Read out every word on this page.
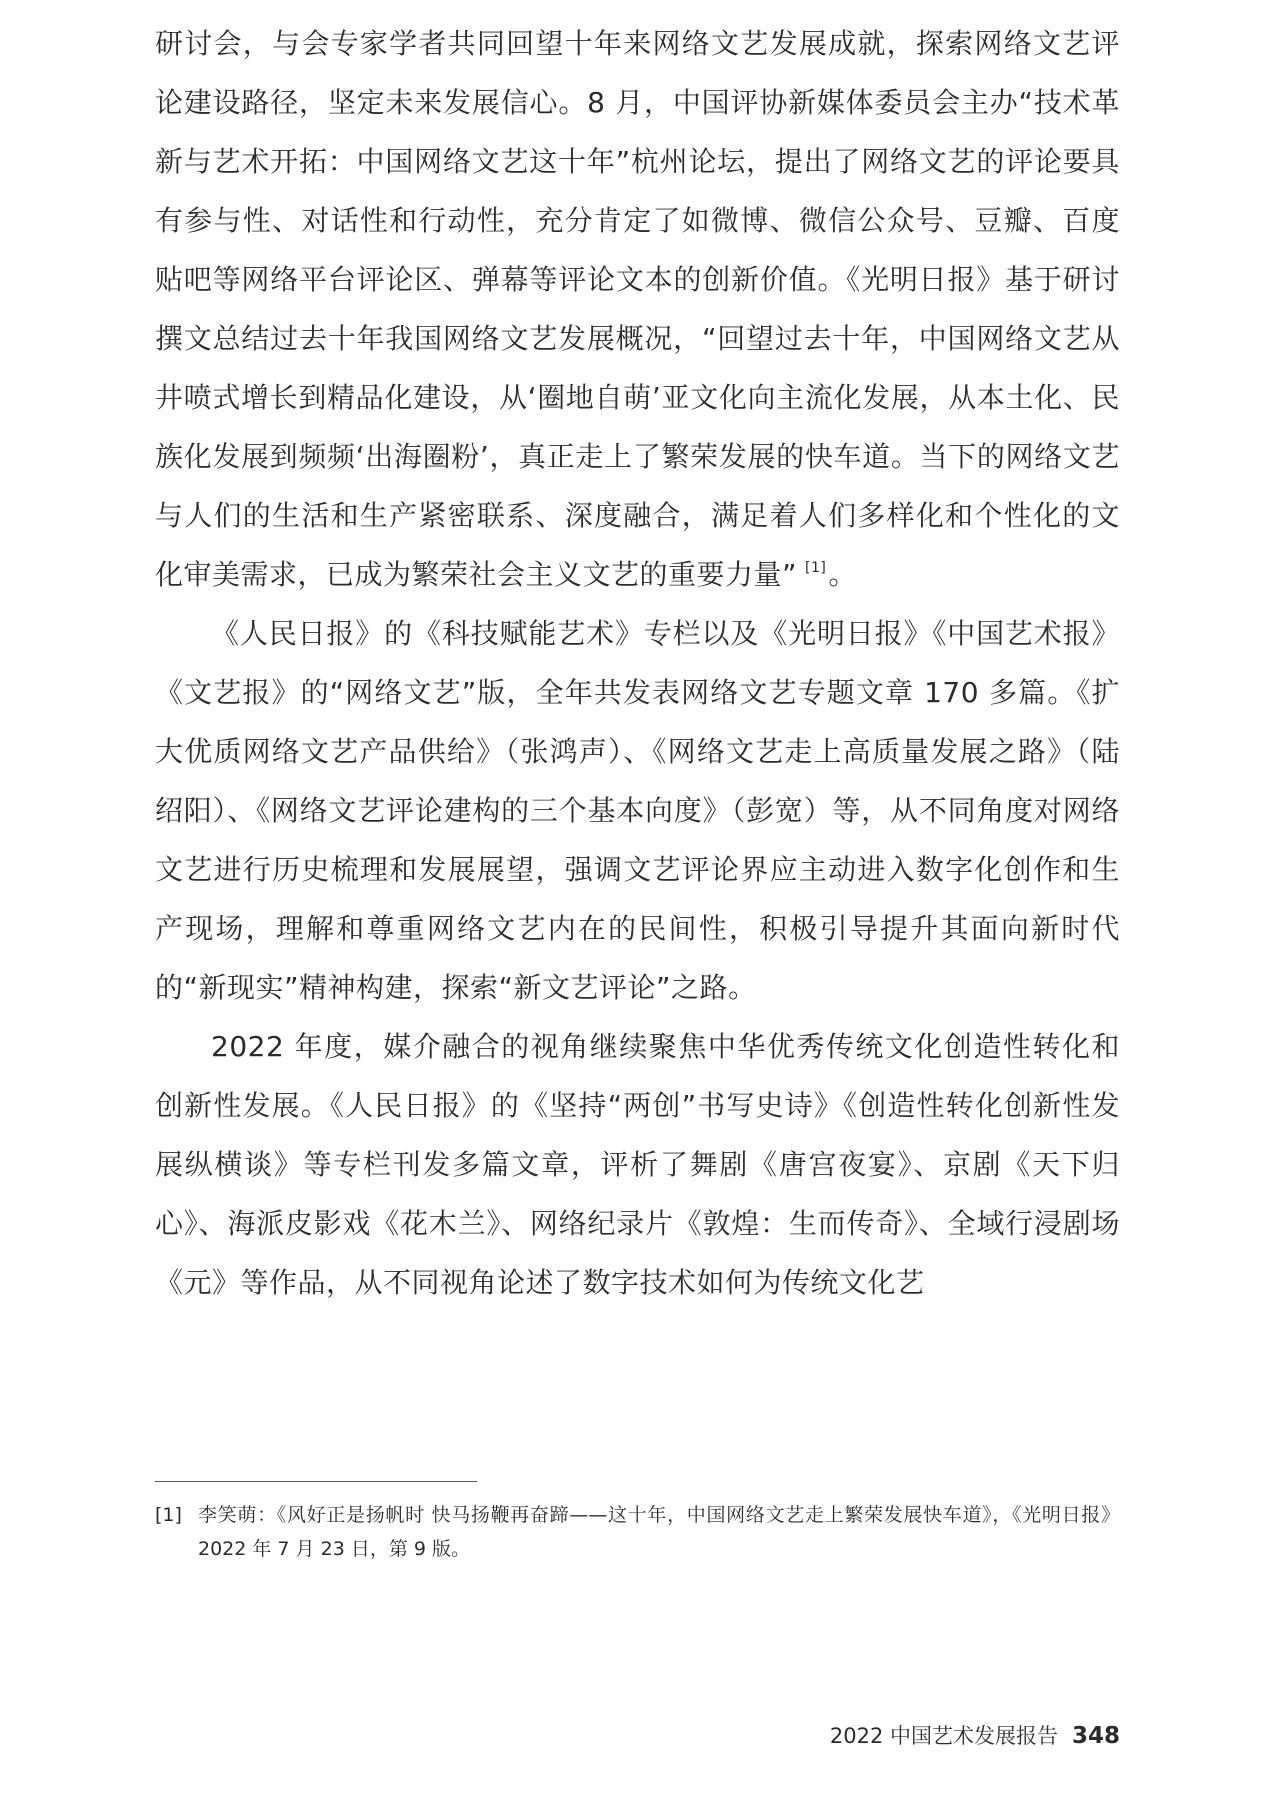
研讨会，与会专家学者共同回望十年来网络文艺发展成就，探索网络文艺评论建设路径，坚定未来发展信心。8 月，中国评协新媒体委员会主办“技术革新与艺术开拓：中国网络文艺这十年”杭州论坛，提出了网络文艺的评论要具有参与性、对话性和行动性，充分肯定了如微博、微信公众号、豆瓣、百度贴吧等网络平台评论区、弹幕等评论文本的创新价值。《光明日报》基于研讨撰文总结过去十年我国网络文艺发展概况，“回望过去十年，中国网络文艺从井喷式增长到精品化建设，从‘圈地自萌’亚文化向主流化发展，从本土化、民族化发展到频频‘出海圈粉’，真正走上了繁荣发展的快车道。当下的网络文艺与人们的生活和生产紧密联系、深度融合，满足着人们多样化和个性化的文化审美需求，已成为繁荣社会主义文艺的重要力量” [1]。

《人民日报》的《科技赋能艺术》专栏以及《光明日报》《中国艺术报》《文艺报》的“网络文艺”版，全年共发表网络文艺专题文章 170 多篇。《扩大优质网络文艺产品供给》（张鸿声）、《网络文艺走上高质量发展之路》（陆绍阳）、《网络文艺评论建构的三个基本向度》（彭宽）等，从不同角度对网络文艺进行历史梳理和发展展望，强调文艺评论界应主动进入数字化创作和生产现场，理解和尊重网络文艺内在的民间性，积极引导提升其面向新时代的“新现实”精神构建，探索“新文艺评论”之路。

2022 年度，媒介融合的视角继续聚焦中华优秀传统文化创造性转化和创新性发展。《人民日报》的《坚持“两创”书写史诗》《创造性转化创新性发展纵横谈》等专栏刊发多篇文章，评析了舞剧《唐宫夜宴》、京剧《天下归心》、海派皮影戏《花木兰》、网络纪录片《敦煌：生而传奇》、全域行浸剧场《元》等作品，从不同视角论述了数字技术如何为传统文化艺

[1] 李笑萌：《风好正是扬帆时 快马扬鞭再奋蹄——这十年，中国网络文艺走上繁荣发展快车道》，《光明日报》2022 年 7 月 23 日，第 9 版。
2022 中国艺术发展报告 348
